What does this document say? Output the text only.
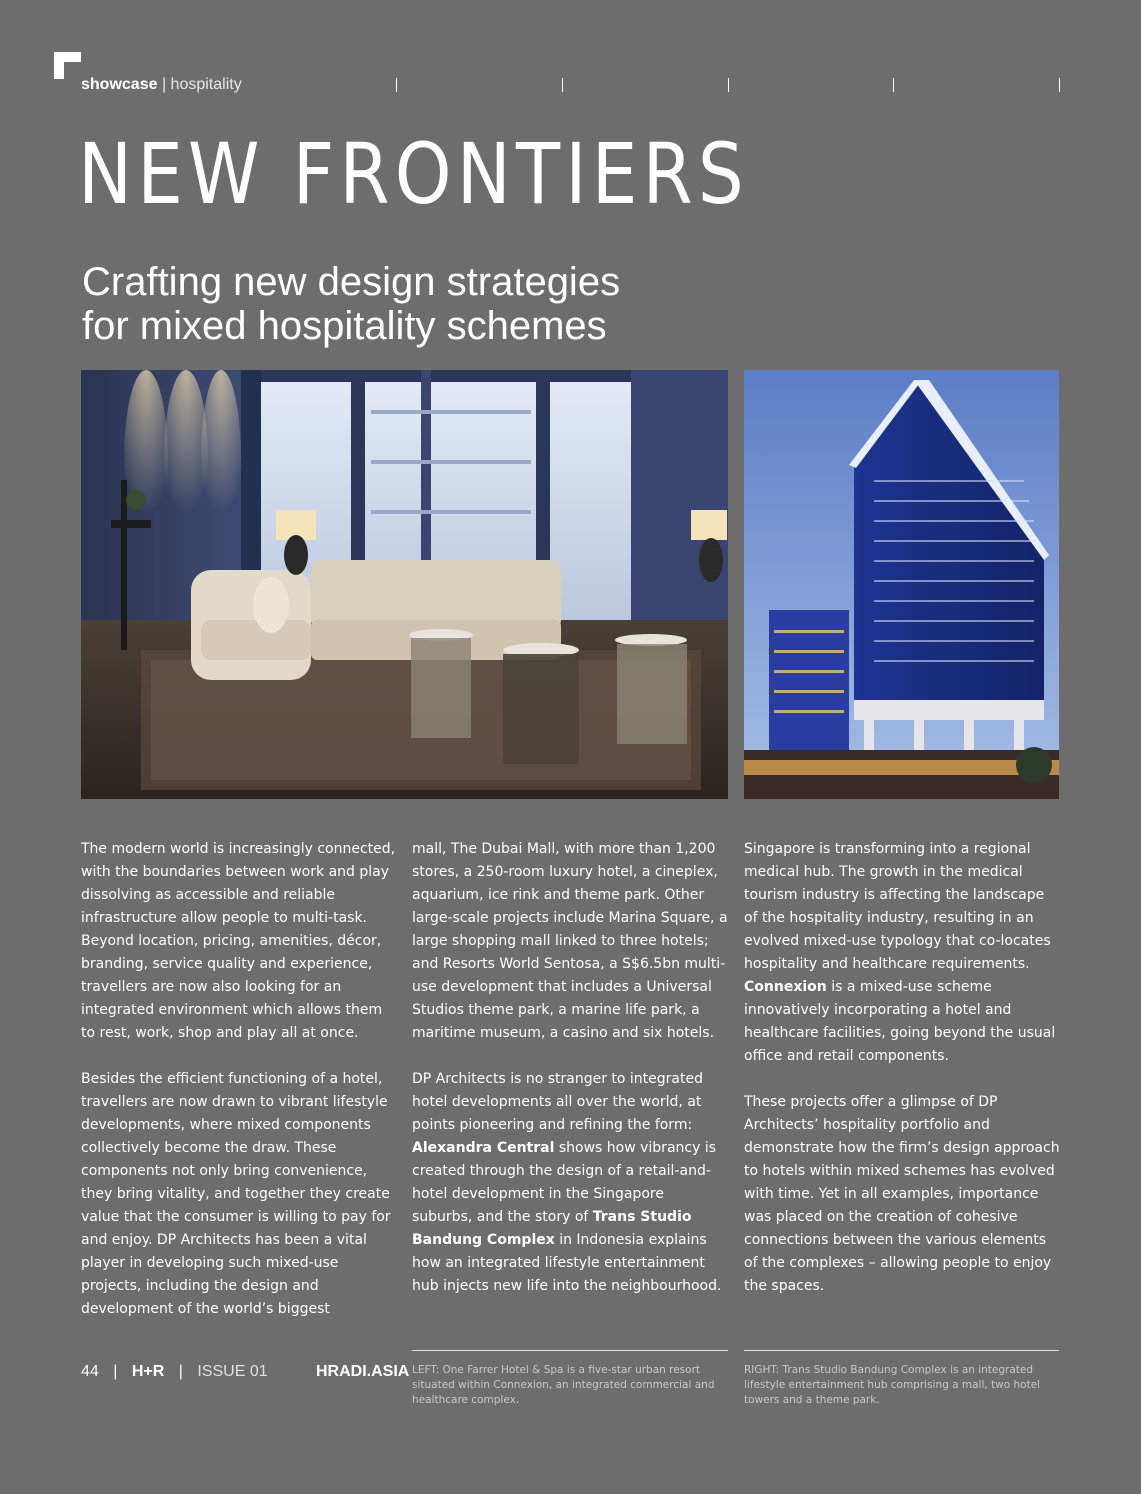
showcase | hospitality
NEW FRONTIERS
Crafting new design strategies
for mixed hospitality schemes

The modern world is increasingly connected, with the boundaries between work and play dissolving as accessible and reliable infrastructure allow people to multi-task. Beyond location, pricing, amenities, décor, branding, service quality and experience, travellers are now also looking for an integrated environment which allows them to rest, work, shop and play all at once.

Besides the efficient functioning of a hotel, travellers are now drawn to vibrant lifestyle developments, where mixed components collectively become the draw. These components not only bring convenience, they bring vitality, and together they create value that the consumer is willing to pay for and enjoy. DP Architects has been a vital player in developing such mixed-use projects, including the design and development of the world’s biggest

mall, The Dubai Mall, with more than 1,200 stores, a 250-room luxury hotel, a cineplex, aquarium, ice rink and theme park. Other large-scale projects include Marina Square, a large shopping mall linked to three hotels; and Resorts World Sentosa, a S$6.5bn multi-use development that includes a Universal Studios theme park, a marine life park, a maritime museum, a casino and six hotels.

DP Architects is no stranger to integrated hotel developments all over the world, at points pioneering and refining the form: Alexandra Central shows how vibrancy is created through the design of a retail-and-hotel development in the Singapore suburbs, and the story of Trans Studio Bandung Complex in Indonesia explains how an integrated lifestyle entertainment hub injects new life into the neighbourhood.

Singapore is transforming into a regional medical hub. The growth in the medical tourism industry is affecting the landscape of the hospitality industry, resulting in an evolved mixed-use typology that co-locates hospitality and healthcare requirements. Connexion is a mixed-use scheme innovatively incorporating a hotel and healthcare facilities, going beyond the usual office and retail components.

These projects offer a glimpse of DP Architects’ hospitality portfolio and demonstrate how the firm’s design approach to hotels within mixed schemes has evolved with time. Yet in all examples, importance was placed on the creation of cohesive connections between the various elements of the complexes – allowing people to enjoy the spaces.

44 | H+R | ISSUE 01	HRADI.ASIA LEFT: One Farrer Hotel & Spa is a five-star urban resort situated within Connexion, an integrated commercial and healthcare complex.
RIGHT: Trans Studio Bandung Complex is an integrated lifestyle entertainment hub comprising a mall, two hotel towers and a theme park.
